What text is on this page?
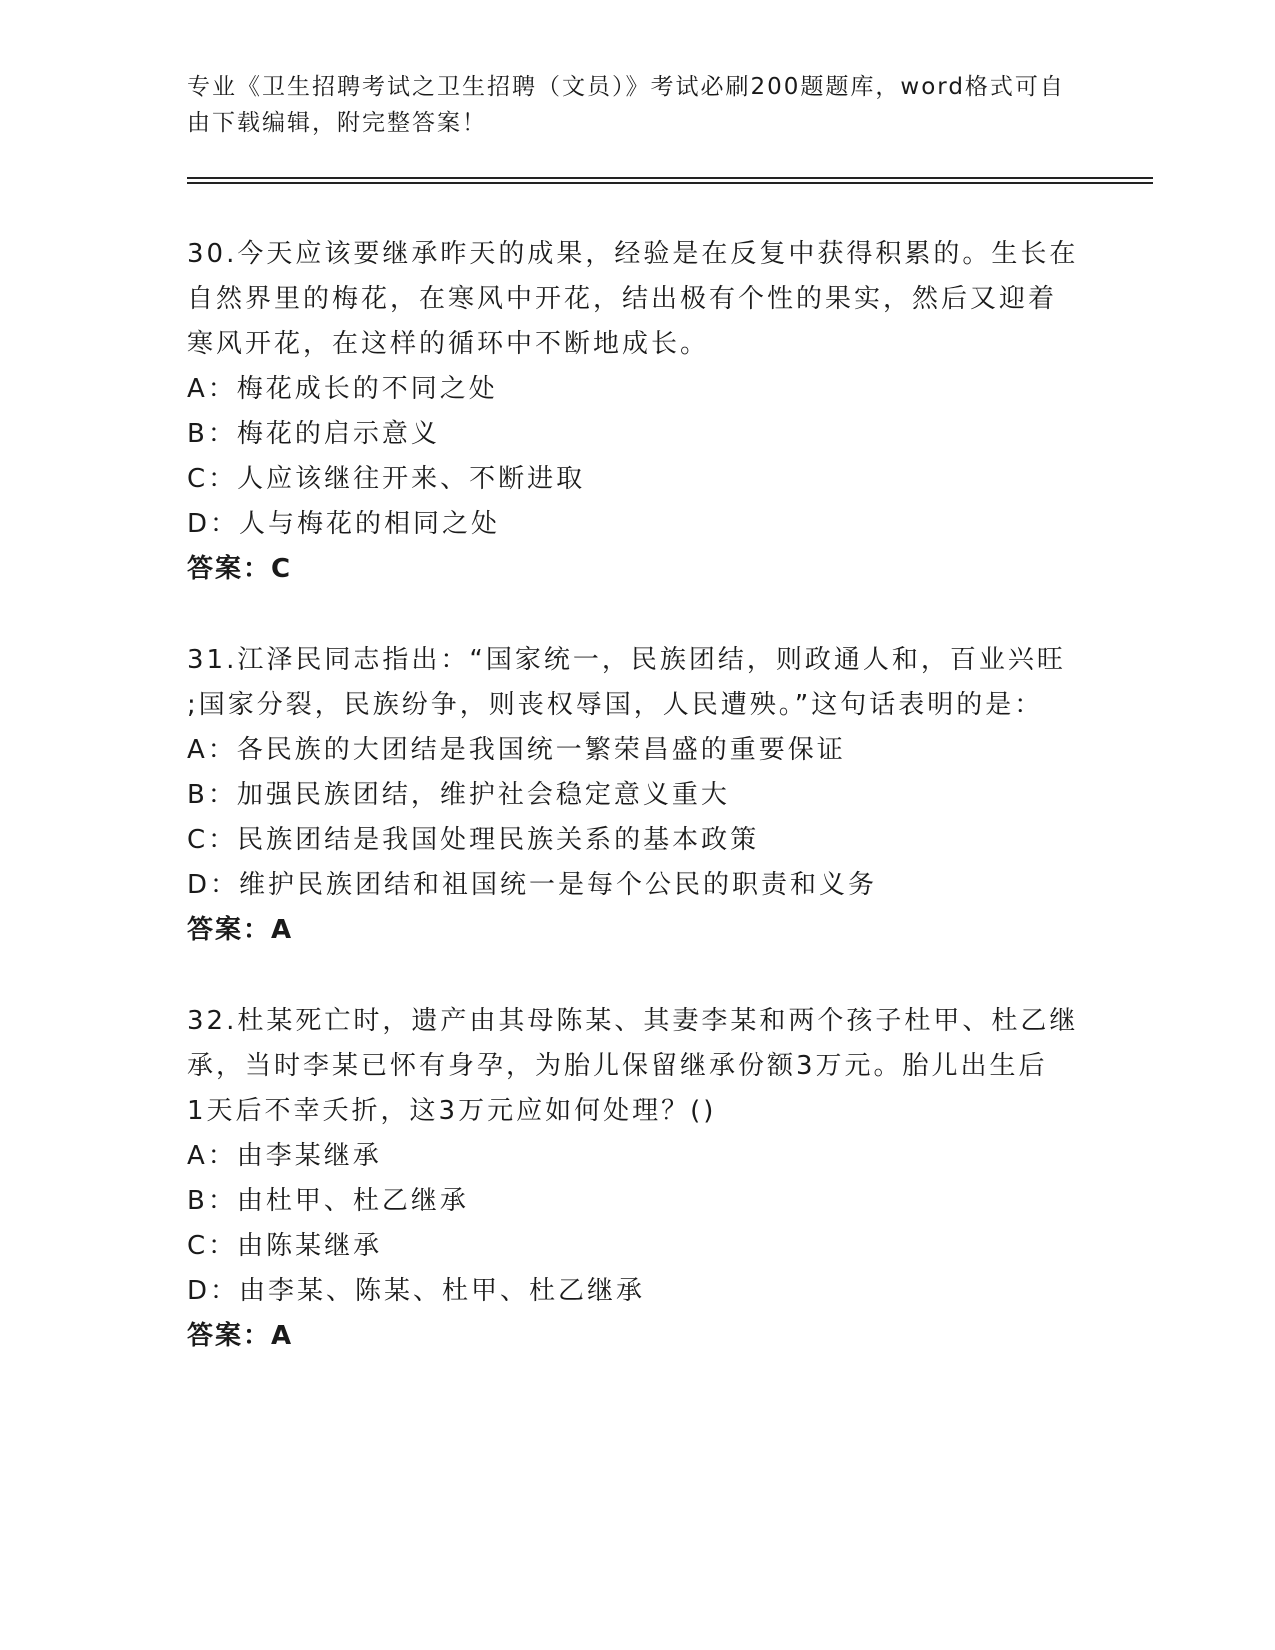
专业《卫生招聘考试之卫生招聘（文员）》考试必刷200题题库，word格式可自
由下载编辑，附完整答案！
30.今天应该要继承昨天的成果，经验是在反复中获得积累的。生长在
自然界里的梅花，在寒风中开花，结出极有个性的果实，然后又迎着
寒风开花，在这样的循环中不断地成长。
A：梅花成长的不同之处
B：梅花的启示意义
C：人应该继往开来、不断进取
D：人与梅花的相同之处
答案：C
31.江泽民同志指出：“国家统一，民族团结，则政通人和，百业兴旺
;国家分裂，民族纷争，则丧权辱国，人民遭殃。”这句话表明的是：
A：各民族的大团结是我国统一繁荣昌盛的重要保证
B：加强民族团结，维护社会稳定意义重大
C：民族团结是我国处理民族关系的基本政策
D：维护民族团结和祖国统一是每个公民的职责和义务
答案：A
32.杜某死亡时，遗产由其母陈某、其妻李某和两个孩子杜甲、杜乙继
承，当时李某已怀有身孕，为胎儿保留继承份额3万元。胎儿出生后
1天后不幸夭折，这3万元应如何处理？()
A：由李某继承
B：由杜甲、杜乙继承
C：由陈某继承
D：由李某、陈某、杜甲、杜乙继承
答案：A
